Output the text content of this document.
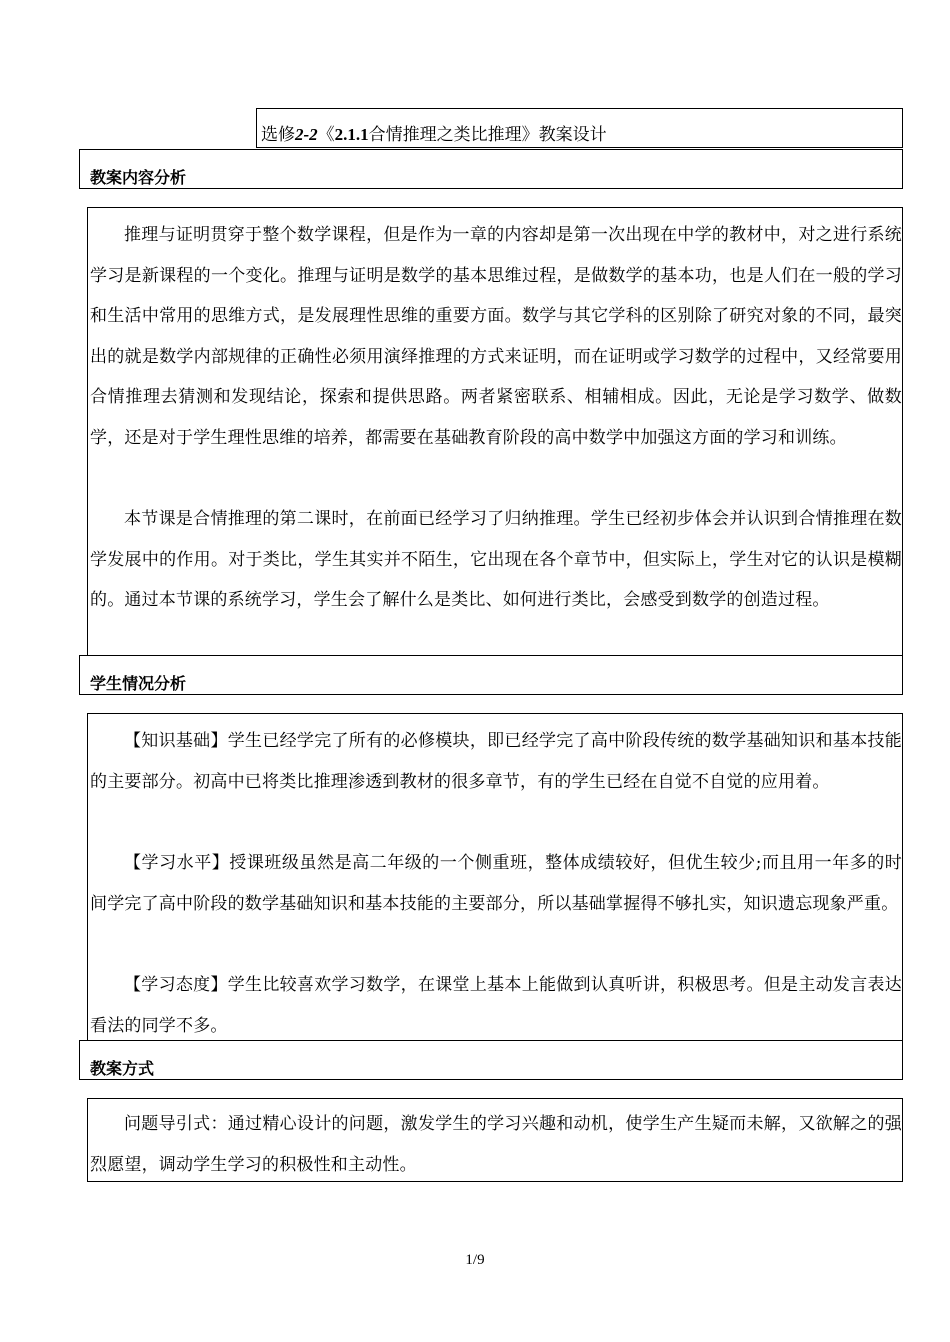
选修2-2《2.1.1合情推理之类比推理》教案设计
教案内容分析

推理与证明贯穿于整个数学课程，但是作为一章的内容却是第一次出现在中学的教材中，对之进行系统学习是新课程的一个变化。推理与证明是数学的基本思维过程，是做数学的基本功，也是人们在一般的学习和生活中常用的思维方式，是发展理性思维的重要方面。数学与其它学科的区别除了研究对象的不同，最突出的就是数学内部规律的正确性必须用演绎推理的方式来证明，而在证明或学习数学的过程中，又经常要用合情推理去猜测和发现结论，探索和提供思路。两者紧密联系、相辅相成。因此，无论是学习数学、做数学，还是对于学生理性思维的培养，都需要在基础教育阶段的高中数学中加强这方面的学习和训练。

本节课是合情推理的第二课时，在前面已经学习了归纳推理。学生已经初步体会并认识到合情推理在数学发展中的作用。对于类比，学生其实并不陌生，它出现在各个章节中，但实际上，学生对它的认识是模糊的。通过本节课的系统学习，学生会了解什么是类比、如何进行类比，会感受到数学的创造过程。

学生情况分析

【知识基础】学生已经学完了所有的必修模块，即已经学完了高中阶段传统的数学基础知识和基本技能的主要部分。初高中已将类比推理渗透到教材的很多章节，有的学生已经在自觉不自觉的应用着。

【学习水平】授课班级虽然是高二年级的一个侧重班，整体成绩较好，但优生较少;而且用一年多的时间学完了高中阶段的数学基础知识和基本技能的主要部分，所以基础掌握得不够扎实，知识遗忘现象严重。

【学习态度】学生比较喜欢学习数学，在课堂上基本上能做到认真听讲，积极思考。但是主动发言表达看法的同学不多。

教案方式

问题导引式：通过精心设计的问题，激发学生的学习兴趣和动机，使学生产生疑而未解，又欲解之的强烈愿望，调动学生学习的积极性和主动性。

1/9
